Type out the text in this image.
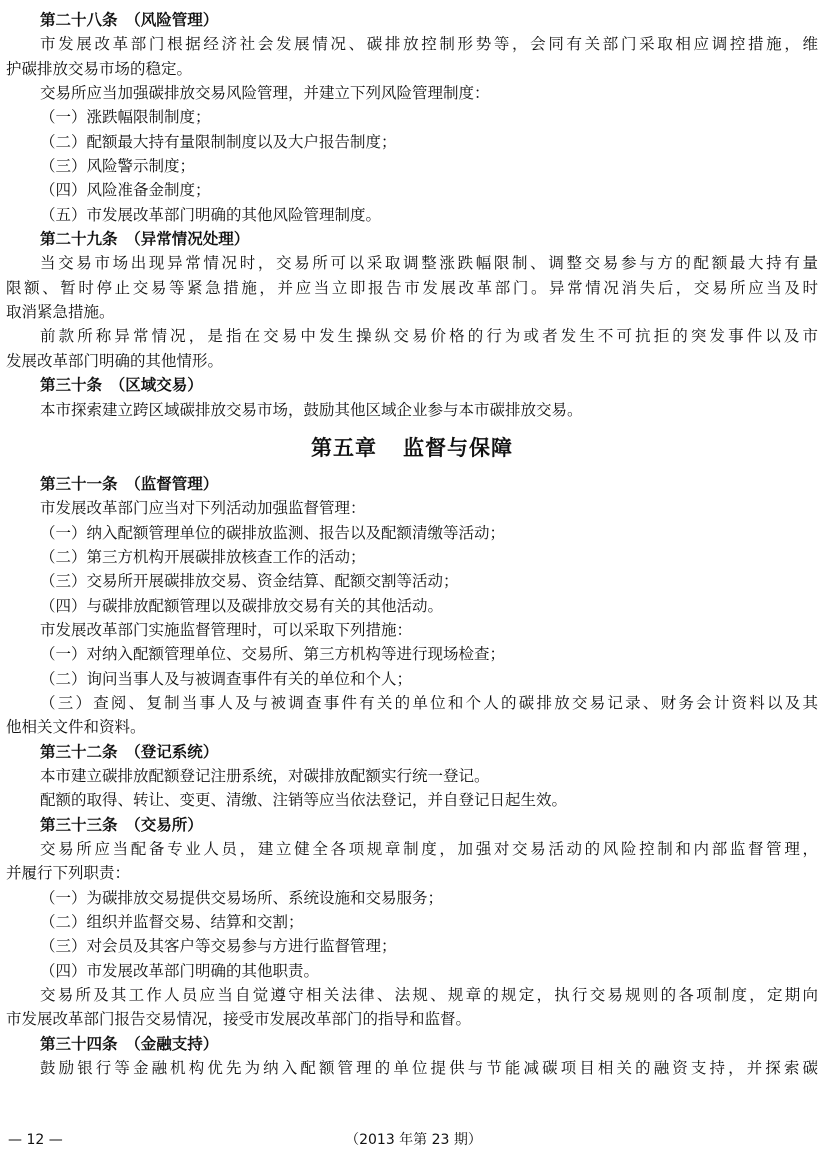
第二十八条　（风险管理）
市发展改革部门根据经济社会发展情况、碳排放控制形势等，会同有关部门采取相应调控措施，维
护碳排放交易市场的稳定。
交易所应当加强碳排放交易风险管理，并建立下列风险管理制度：
（一）涨跌幅限制制度；
（二）配额最大持有量限制制度以及大户报告制度；
（三）风险警示制度；
（四）风险准备金制度；
（五）市发展改革部门明确的其他风险管理制度。
第二十九条　（异常情况处理）
当交易市场出现异常情况时，交易所可以采取调整涨跌幅限制、调整交易参与方的配额最大持有量
限额、暂时停止交易等紧急措施，并应当立即报告市发展改革部门。异常情况消失后，交易所应当及时
取消紧急措施。
前款所称异常情况，是指在交易中发生操纵交易价格的行为或者发生不可抗拒的突发事件以及市
发展改革部门明确的其他情形。
第三十条　（区域交易）
本市探索建立跨区域碳排放交易市场，鼓励其他区域企业参与本市碳排放交易。
第五章 监督与保障
第三十一条　（监督管理）
市发展改革部门应当对下列活动加强监督管理：
（一）纳入配额管理单位的碳排放监测、报告以及配额清缴等活动；
（二）第三方机构开展碳排放核查工作的活动；
（三）交易所开展碳排放交易、资金结算、配额交割等活动；
（四）与碳排放配额管理以及碳排放交易有关的其他活动。
市发展改革部门实施监督管理时，可以采取下列措施：
（一）对纳入配额管理单位、交易所、第三方机构等进行现场检查；
（二）询问当事人及与被调查事件有关的单位和个人；
（三）查阅、复制当事人及与被调查事件有关的单位和个人的碳排放交易记录、财务会计资料以及其
他相关文件和资料。
第三十二条　（登记系统）
本市建立碳排放配额登记注册系统，对碳排放配额实行统一登记。
配额的取得、转让、变更、清缴、注销等应当依法登记，并自登记日起生效。
第三十三条　（交易所）
交易所应当配备专业人员，建立健全各项规章制度，加强对交易活动的风险控制和内部监督管理，
并履行下列职责：
（一）为碳排放交易提供交易场所、系统设施和交易服务；
（二）组织并监督交易、结算和交割；
（三）对会员及其客户等交易参与方进行监督管理；
（四）市发展改革部门明确的其他职责。
交易所及其工作人员应当自觉遵守相关法律、法规、规章的规定，执行交易规则的各项制度，定期向
市发展改革部门报告交易情况，接受市发展改革部门的指导和监督。
第三十四条　（金融支持）
鼓励银行等金融机构优先为纳入配额管理的单位提供与节能减碳项目相关的融资支持，并探索碳
— 12 —	（2013 年第 23 期）
